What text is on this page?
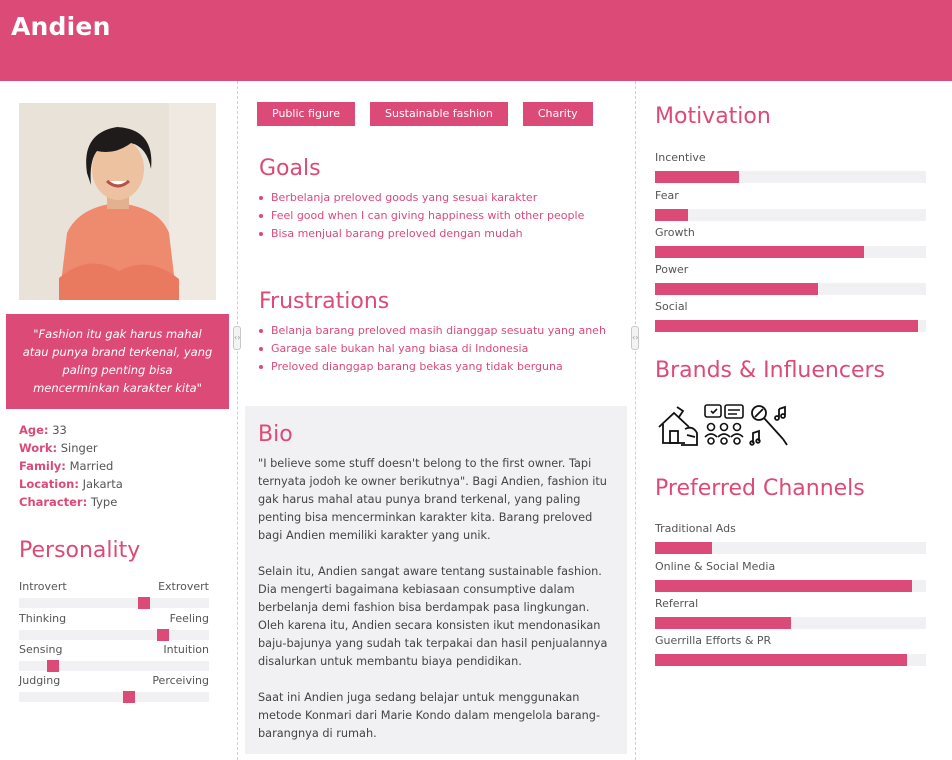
Andien
‹›	‹›
"Fashion itu gak harus mahal atau punya brand terkenal, yang paling penting bisa mencerminkan karakter kita"
Age: 33
Work: Singer
Family: Married
Location: Jakarta
Character: Type
Personality
Introvert	Extrovert
Thinking	Feeling
Sensing	Intuition
Judging	Perceiving
Public figure	Sustainable fashion	Charity
Goals
Berbelanja preloved goods yang sesuai karakter
Feel good when I can giving happiness with other people
Bisa menjual barang preloved dengan mudah
Frustrations
Belanja barang preloved masih dianggap sesuatu yang aneh
Garage sale bukan hal yang biasa di Indonesia
Preloved dianggap barang bekas yang tidak berguna
Bio

"I believe some stuff doesn't belong to the first owner. Tapi ternyata jodoh ke owner berikutnya". Bagi Andien, fashion itu gak harus mahal atau punya brand terkenal, yang paling penting bisa mencerminkan karakter kita. Barang preloved bagi Andien memiliki karakter yang unik.

Selain itu, Andien sangat aware tentang sustainable fashion. Dia mengerti bagaimana kebiasaan consumptive dalam berbelanja demi fashion bisa berdampak pasa lingkungan. Oleh karena itu, Andien secara konsisten ikut mendonasikan baju-bajunya yang sudah tak terpakai dan hasil penjualannya disalurkan untuk membantu biaya pendidikan.

Saat ini Andien juga sedang belajar untuk menggunakan metode Konmari dari Marie Kondo dalam mengelola barang-barangnya di rumah.

Motivation
Incentive
Fear
Growth
Power
Social
Brands & Influencers
Preferred Channels
Traditional Ads
Online & Social Media
Referral
Guerrilla Efforts & PR
